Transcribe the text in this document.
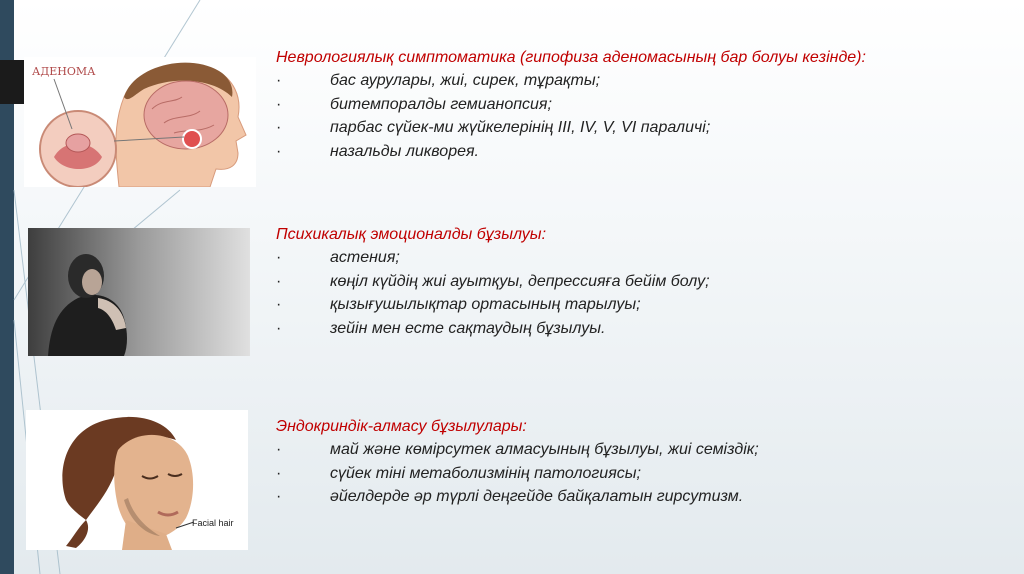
АДЕНОМА
Facial hair
Неврологиялық симптоматика (гипофиза аденомасының бар болуы кезінде):
·	бас аурулары, жиі, сирек, тұрақты;
·	битемпоралды гемианопсия;
·	парбас сүйек-ми жүйкелерінің ІІІ, ІV, V, VI параличі;
·	назальды ликворея.
Психикалық эмоционалды бұзылуы:
·	астения;
·	көңіл күйдің жиі ауытқуы, депрессияға бейім болу;
·	қызығушылықтар ортасының тарылуы;
·	зейін мен есте сақтаудың бұзылуы.
Эндокриндік-алмасу бұзылулары:
·	май және көмірсутек алмасуының бұзылуы, жиі семіздік;
·	сүйек тіні метаболизмінің патологиясы;
·	әйелдерде әр түрлі деңгейде байқалатын гирсутизм.
